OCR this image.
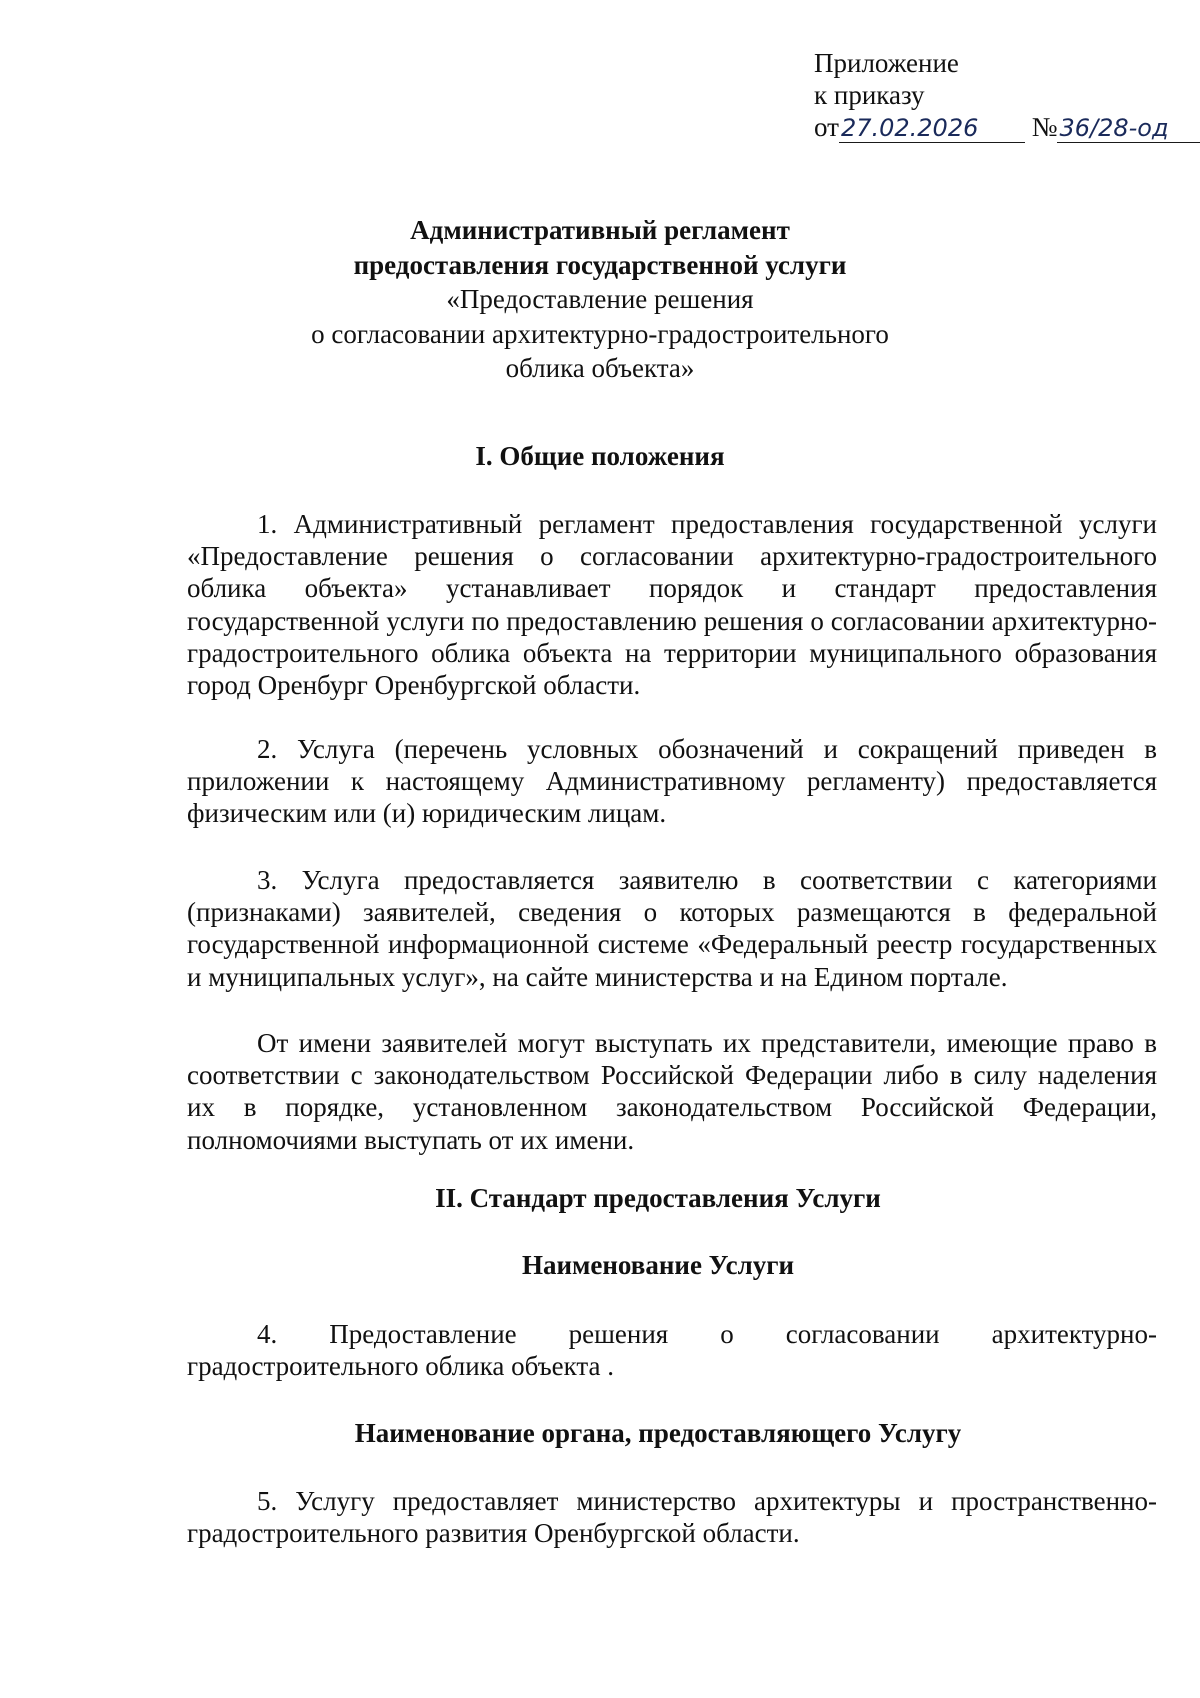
Приложение
к приказу
от27.02.2026 №36/28-од
Административный регламент
предоставления государственной услуги
«Предоставление решения
о согласовании архитектурно-градостроительного
облика объекта»
I. Общие положения
1. Административный регламент предоставления государственной услуги «Предоставление решения о согласовании архитектурно-градостроительного облика объекта» устанавливает порядок и стандарт предоставления государственной услуги по предоставлению решения о согласовании архитектурно-градостроительного облика объекта на территории муниципального образования город Оренбург Оренбургской области.
2. Услуга (перечень условных обозначений и сокращений приведен в приложении к настоящему Административному регламенту) предоставляется физическим или (и) юридическим лицам.
3. Услуга предоставляется заявителю в соответствии с категориями (признаками) заявителей, сведения о которых размещаются в федеральной государственной информационной системе «Федеральный реестр государственных и муниципальных услуг», на сайте министерства и на Едином портале.
От имени заявителей могут выступать их представители, имеющие право в соответствии с законодательством Российской Федерации либо в силу наделения их в порядке, установленном законодательством Российской Федерации, полномочиями выступать от их имени.
II. Стандарт предоставления Услуги
Наименование Услуги
4. Предоставление решения о согласовании архитектурно-градостроительного облика объекта .
Наименование органа, предоставляющего Услугу
5. Услугу предоставляет министерство архитектуры и пространственно-градостроительного развития Оренбургской области.
